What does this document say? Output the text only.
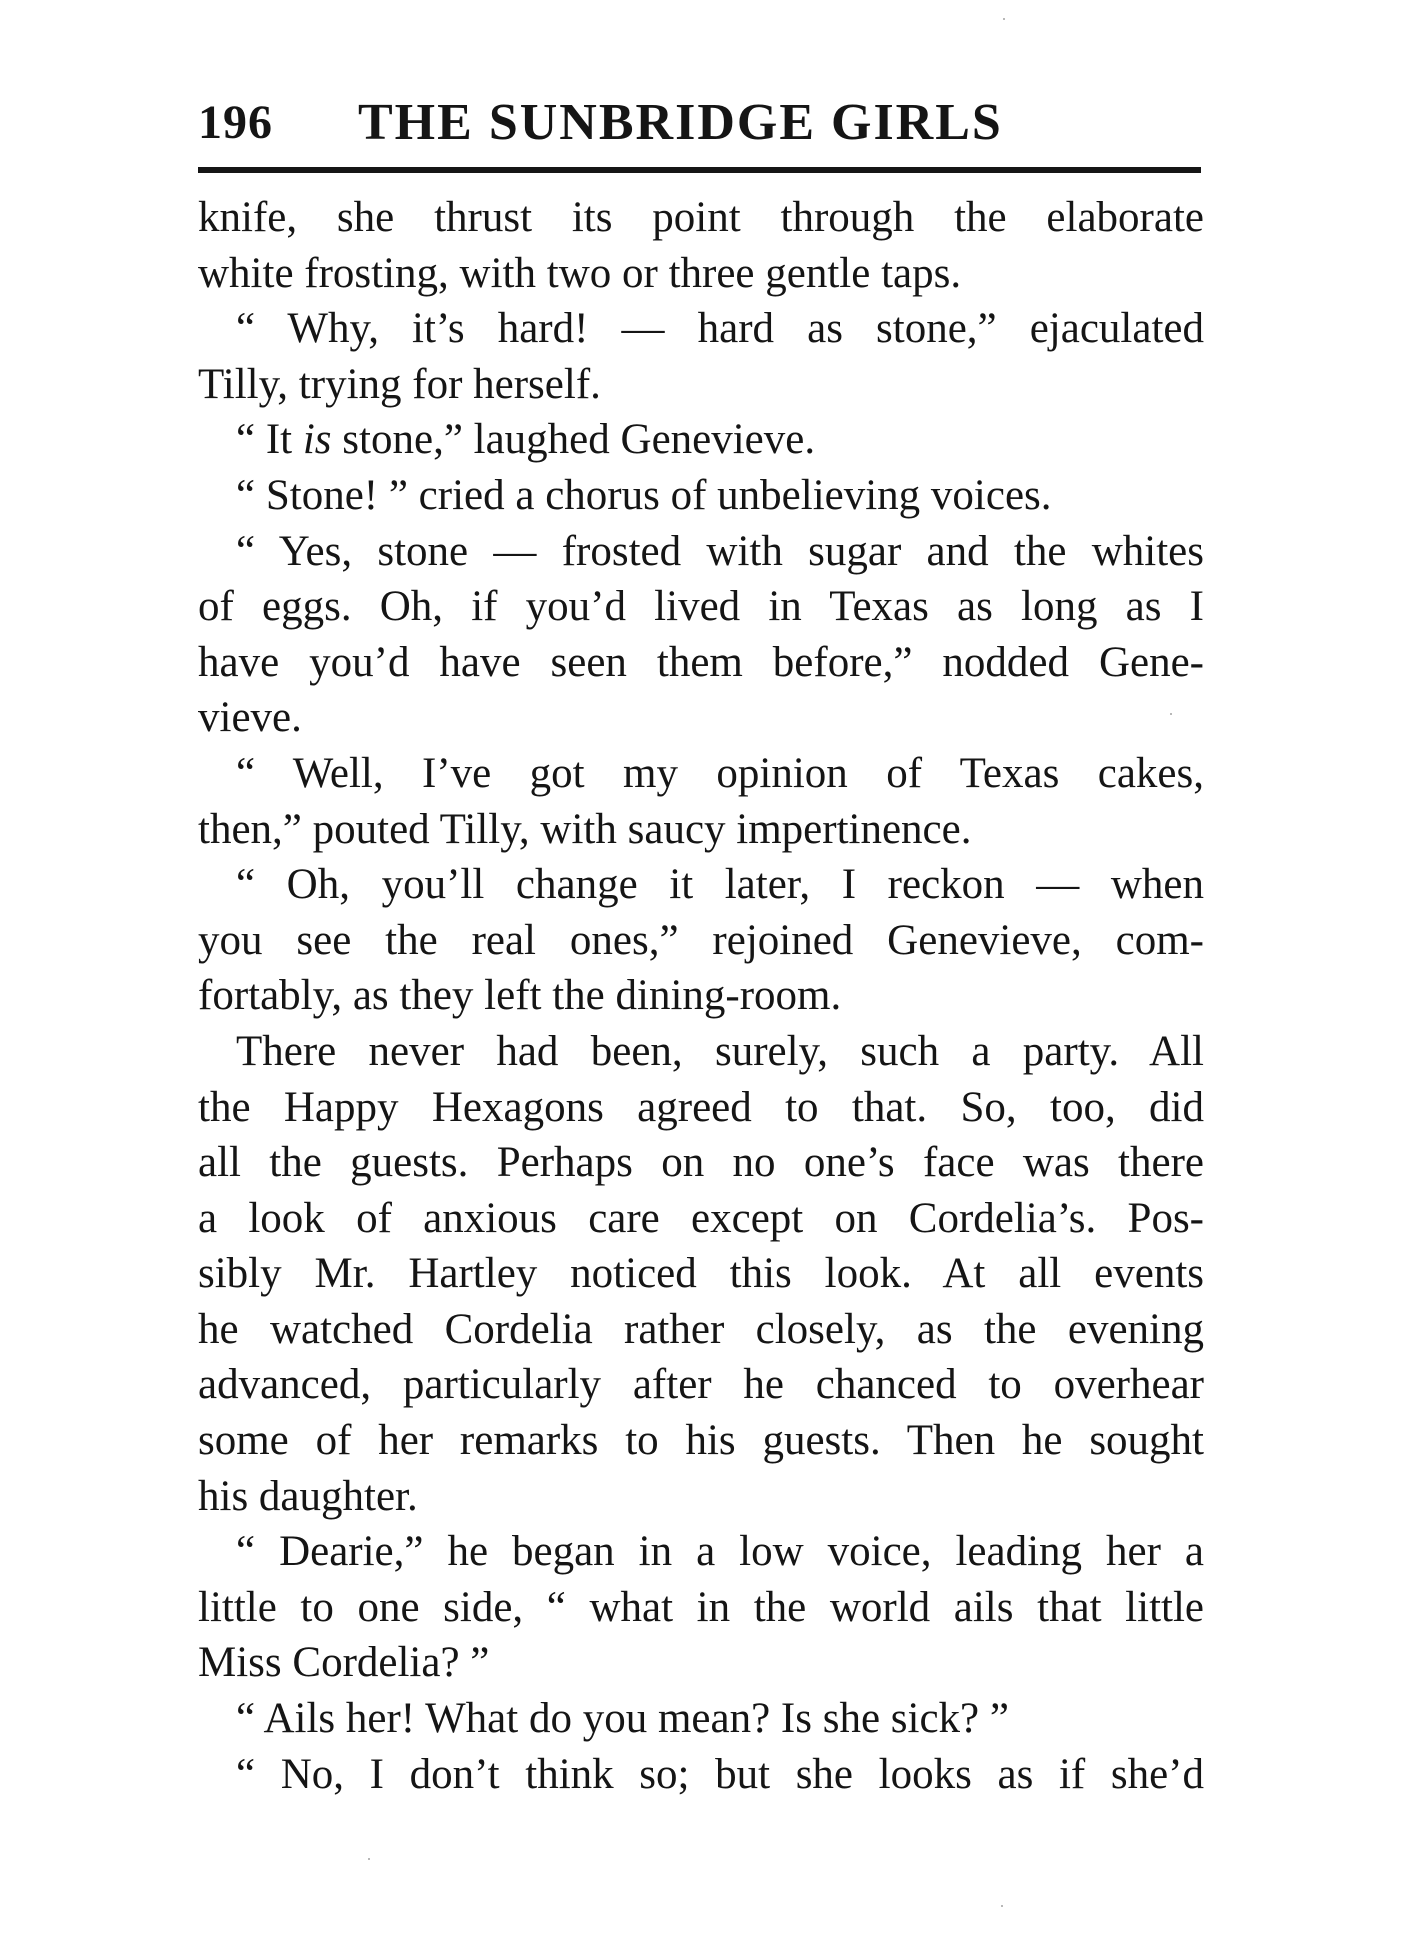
196 THE SUNBRIDGE GIRLS
knife, she thrust its point through the elaborate
white frosting, with two or three gentle taps.
“ Why, it’s hard! — hard as stone,” ejaculated
Tilly, trying for herself.
“ It is stone,” laughed Genevieve.
“ Stone! ” cried a chorus of unbelieving voices.
“ Yes, stone — frosted with sugar and the whites
of eggs. Oh, if you’d lived in Texas as long as I
have you’d have seen them before,” nodded Gene-
vieve.
“ Well, I’ve got my opinion of Texas cakes,
then,” pouted Tilly, with saucy impertinence.
“ Oh, you’ll change it later, I reckon — when
you see the real ones,” rejoined Genevieve, com-
fortably, as they left the dining-room.
There never had been, surely, such a party. All
the Happy Hexagons agreed to that. So, too, did
all the guests. Perhaps on no one’s face was there
a look of anxious care except on Cordelia’s. Pos-
sibly Mr. Hartley noticed this look. At all events
he watched Cordelia rather closely, as the evening
advanced, particularly after he chanced to overhear
some of her remarks to his guests. Then he sought
his daughter.
“ Dearie,” he began in a low voice, leading her a
little to one side, “ what in the world ails that little
Miss Cordelia? ”
“ Ails her! What do you mean? Is she sick? ”
“ No, I don’t think so; but she looks as if she’d
